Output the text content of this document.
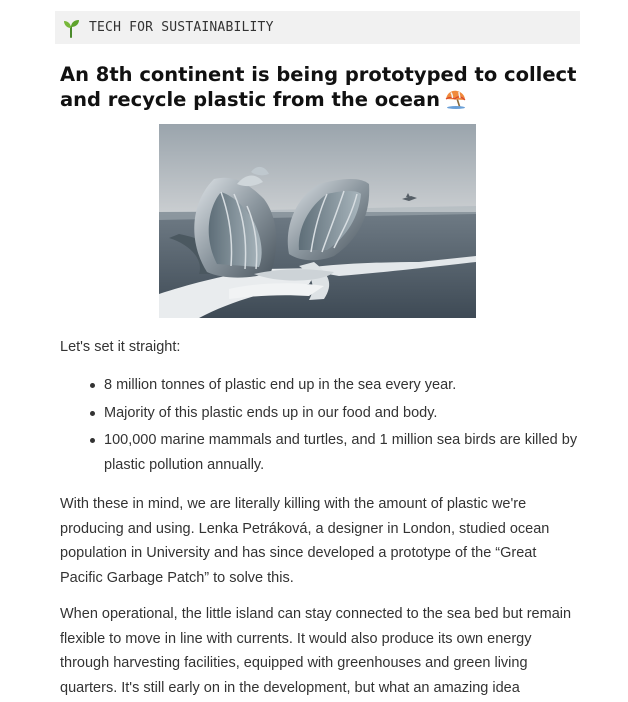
TECH FOR SUSTAINABILITY
An 8th continent is being prototyped to collect and recycle plastic from the ocean

Let's set it straight:

8 million tonnes of plastic end up in the sea every year.
Majority of this plastic ends up in our food and body.
100,000 marine mammals and turtles, and 1 million sea birds are killed by plastic pollution annually.

With these in mind, we are literally killing with the amount of plastic we're producing and using. Lenka Petráková, a designer in London, studied ocean population in University and has since developed a prototype of the “Great Pacific Garbage Patch” to solve this.

When operational, the little island can stay connected to the sea bed but remain flexible to move in line with currents. It would also produce its own energy through harvesting facilities, equipped with greenhouses and green living quarters. It's still early on in the development, but what an amazing idea
